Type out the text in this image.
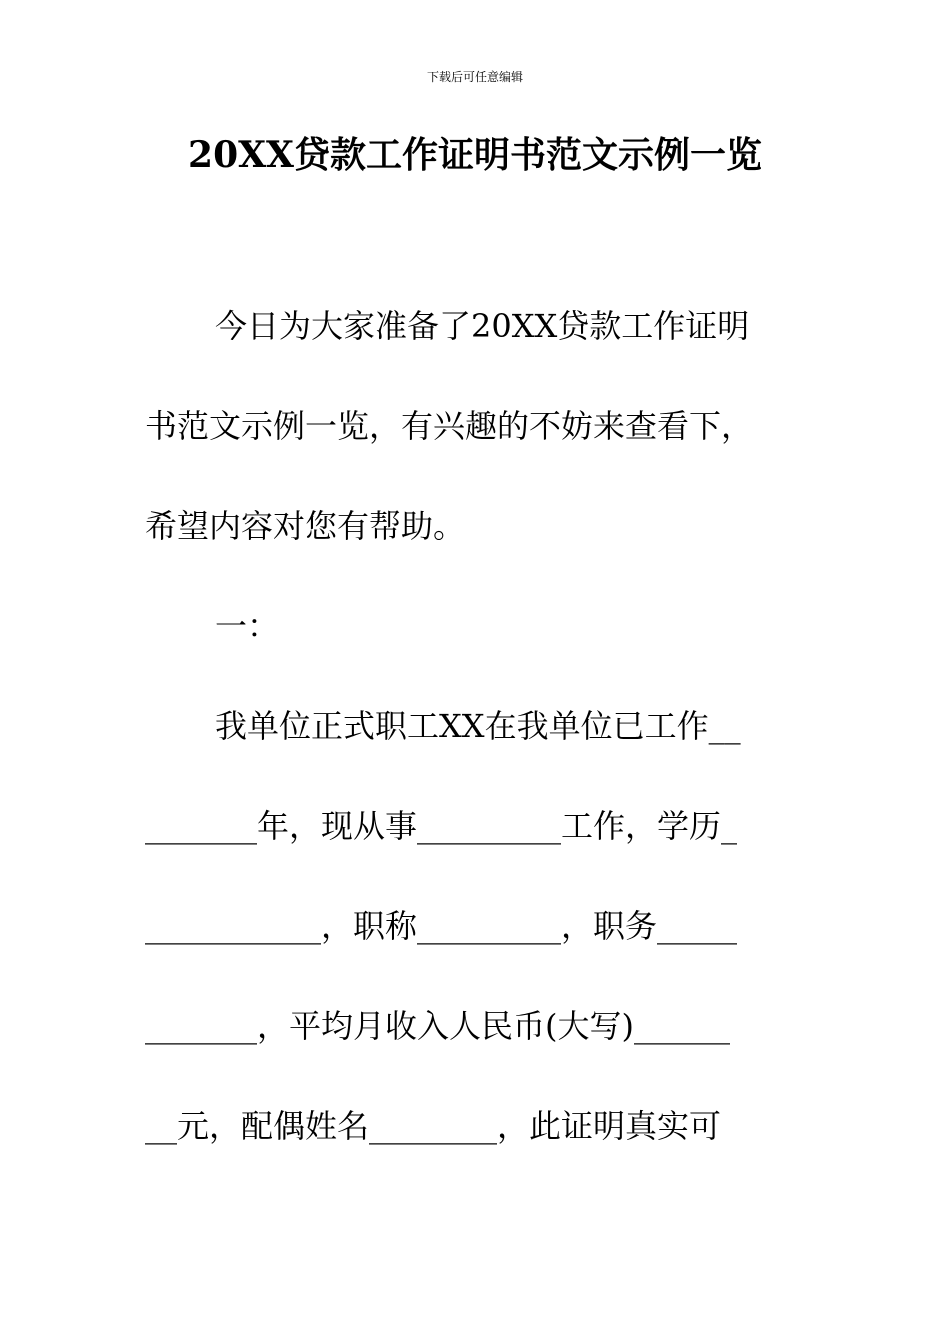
下载后可任意编辑
20XX贷款工作证明书范文示例一览

今日为大家准备了20XX贷款工作证明

书范文示例一览，有兴趣的不妨来查看下，

希望内容对您有帮助。

一：

我单位正式职工XX在我单位已工作__

_______年，现从事_________工作，学历_

___________，职称_________，职务_____

_______，平均月收入人民币(大写)______

__元，配偶姓名________，此证明真实可
